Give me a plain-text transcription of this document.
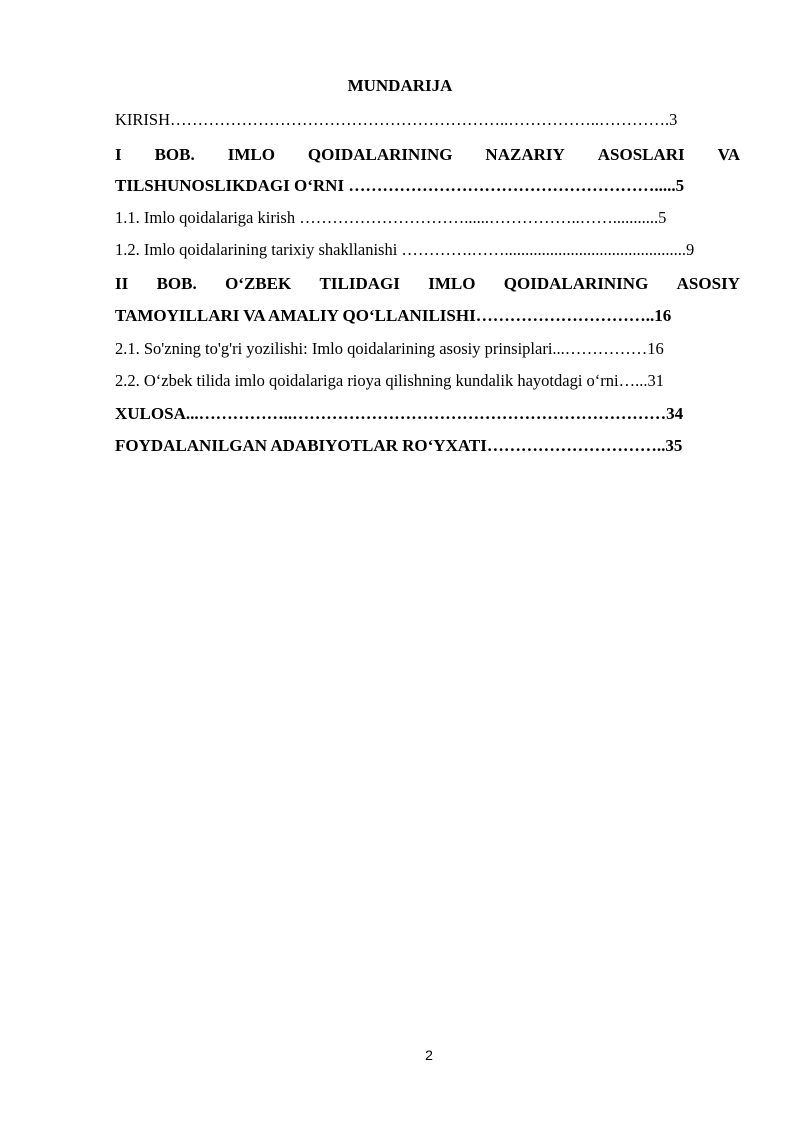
MUNDARIJA
KIRISH……………………………………………………..……………..………….3
I BOB. IMLO QOIDALARINING NAZARIY ASOSLARI VA
TILSHUNOSLIKDAGI O‘RNI ……………………………………………….....5
1.1. Imlo qoidalariga kirish …………………………......……………..……...........5
1.2. Imlo qoidalarining tarixiy shakllanishi ………….……............................................9
II BOB. O‘ZBEK TILIDAGI IMLO QOIDALARINING ASOSIY
TAMOYILLARI VA AMALIY QO‘LLANILISHI…………………………..16
2.1. So'zning to'g'ri yozilishi: Imlo qoidalarining asosiy prinsiplari...……………16
2.2. O‘zbek tilida imlo qoidalariga rioya qilishning kundalik hayotdagi o‘rni…...31
XULOSA...……………..…………………………………………………………34
FOYDALANILGAN ADABIYOTLAR RO‘YXATI…………………………..35
2
